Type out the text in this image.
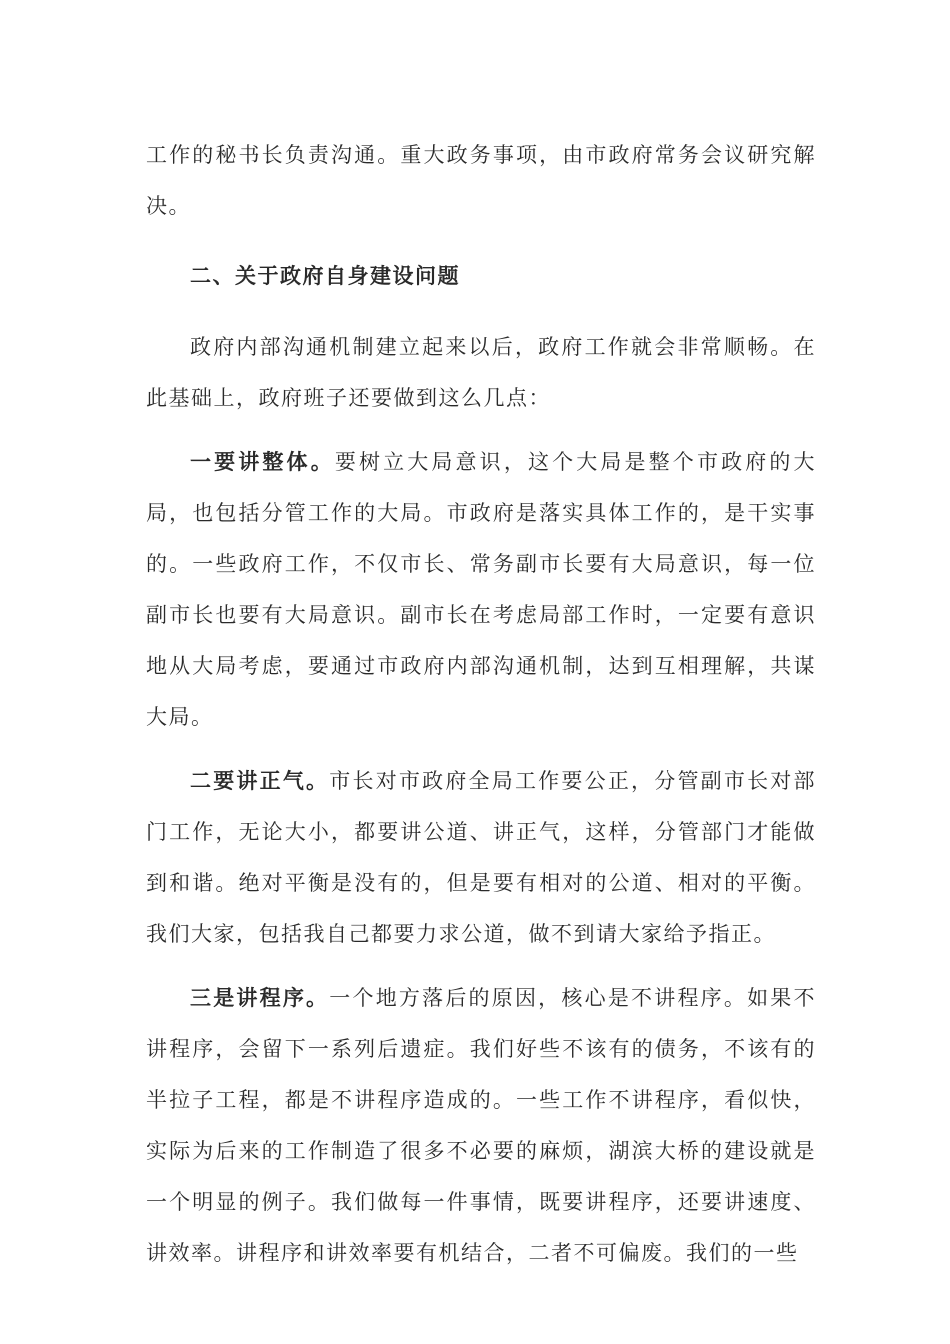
工作的秘书长负责沟通。重大政务事项，由市政府常务会议研究解决。

二、关于政府自身建设问题

政府内部沟通机制建立起来以后，政府工作就会非常顺畅。在此基础上，政府班子还要做到这么几点：

一要讲整体。要树立大局意识，这个大局是整个市政府的大局，也包括分管工作的大局。市政府是落实具体工作的，是干实事的。一些政府工作，不仅市长、常务副市长要有大局意识，每一位副市长也要有大局意识。副市长在考虑局部工作时，一定要有意识地从大局考虑，要通过市政府内部沟通机制，达到互相理解，共谋大局。

二要讲正气。市长对市政府全局工作要公正，分管副市长对部门工作，无论大小，都要讲公道、讲正气，这样，分管部门才能做到和谐。绝对平衡是没有的，但是要有相对的公道、相对的平衡。我们大家，包括我自己都要力求公道，做不到请大家给予指正。

三是讲程序。一个地方落后的原因，核心是不讲程序。如果不讲程序，会留下一系列后遗症。我们好些不该有的债务，不该有的半拉子工程，都是不讲程序造成的。一些工作不讲程序，看似快，实际为后来的工作制造了很多不必要的麻烦，湖滨大桥的建设就是一个明显的例子。我们做每一件事情，既要讲程序，还要讲速度、讲效率。讲程序和讲效率要有机结合，二者不可偏废。我们的一些
